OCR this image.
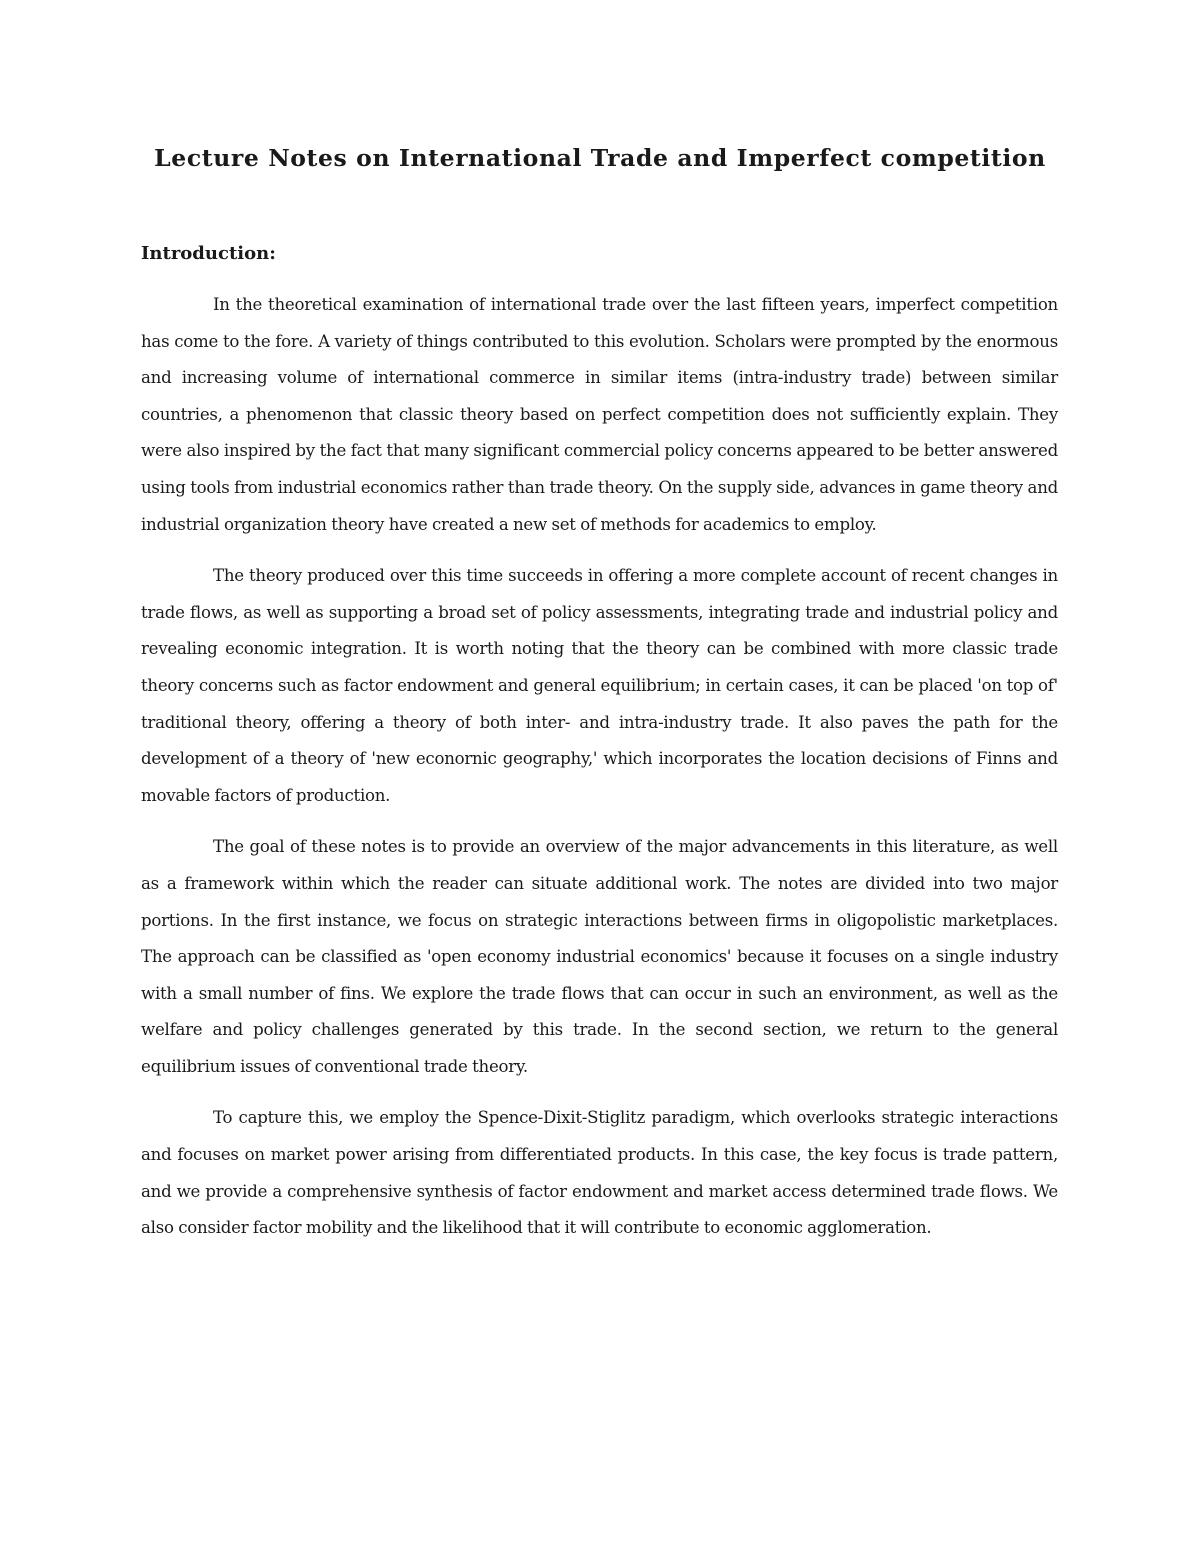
Lecture Notes on International Trade and Imperfect competition
Introduction:

In the theoretical examination of international trade over the last fifteen years, imperfect competition has come to the fore. A variety of things contributed to this evolution. Scholars were prompted by the enormous and increasing volume of international commerce in similar items (intra-industry trade) between similar countries, a phenomenon that classic theory based on perfect competition does not sufficiently explain. They were also inspired by the fact that many significant commercial policy concerns appeared to be better answered using tools from industrial economics rather than trade theory. On the supply side, advances in game theory and industrial organization theory have created a new set of methods for academics to employ.

The theory produced over this time succeeds in offering a more complete account of recent changes in trade flows, as well as supporting a broad set of policy assessments, integrating trade and industrial policy and revealing economic integration. It is worth noting that the theory can be combined with more classic trade theory concerns such as factor endowment and general equilibrium; in certain cases, it can be placed 'on top of' traditional theory, offering a theory of both inter- and intra-industry trade. It also paves the path for the development of a theory of 'new econornic geography,' which incorporates the location decisions of Finns and movable factors of production.

The goal of these notes is to provide an overview of the major advancements in this literature, as well as a framework within which the reader can situate additional work. The notes are divided into two major portions. In the first instance, we focus on strategic interactions between firms in oligopolistic marketplaces. The approach can be classified as 'open economy industrial economics' because it focuses on a single industry with a small number of fins. We explore the trade flows that can occur in such an environment, as well as the welfare and policy challenges generated by this trade. In the second section, we return to the general equilibrium issues of conventional trade theory.

To capture this, we employ the Spence-Dixit-Stiglitz paradigm, which overlooks strategic interactions and focuses on market power arising from differentiated products. In this case, the key focus is trade pattern, and we provide a comprehensive synthesis of factor endowment and market access determined trade flows. We also consider factor mobility and the likelihood that it will contribute to economic agglomeration.
